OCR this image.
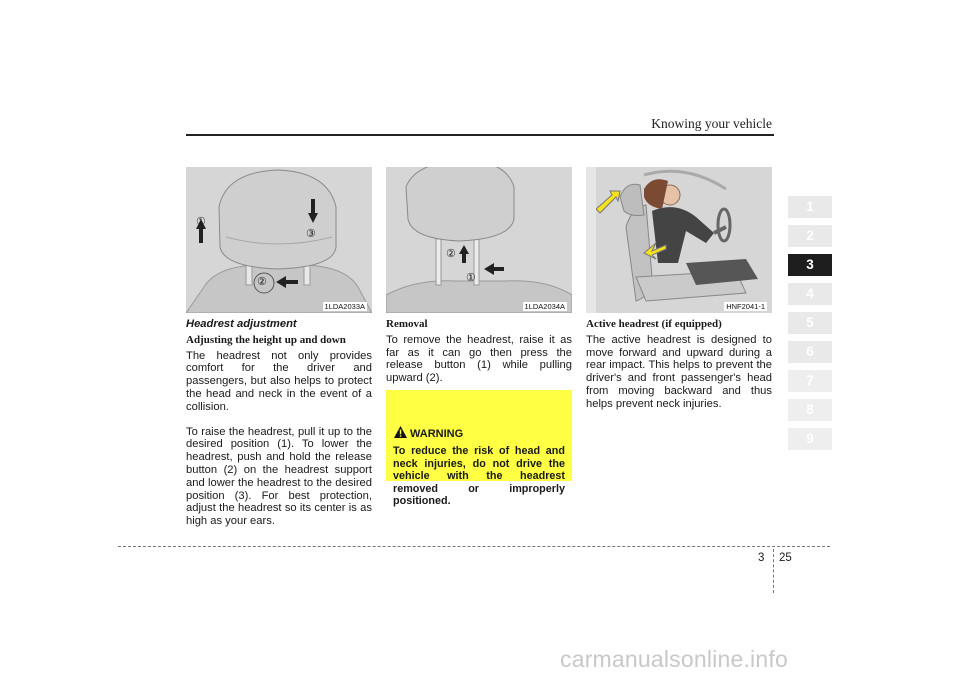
Knowing your vehicle
①
②
③
1LDA2033A
①
②
1LDA2034A	HNF2041-1
Headrest adjustment
Adjusting the height up and down

The headrest not only provides comfort for the driver and passengers, but also helps to protect the head and neck in the event of a collision.

To raise the headrest, pull it up to the desired position (1). To lower the headrest, push and hold the release button (2) on the headrest support and lower the headrest to the desired position (3). For best protection, adjust the headrest so its center is as high as your ears.

Removal

To remove the headrest, raise it as far as it can go then press the release button (1) while pulling upward (2).

WARNING
To reduce the risk of head and neck injuries, do not drive the vehicle with the headrest removed or improperly positioned.
Active headrest (if equipped)

The active headrest is designed to move forward and upward during a rear impact. This helps to prevent the driver's and front passenger's head from moving backward and thus helps prevent neck injuries.

1
2
3
4
5
6
7
8
9
3 25
carmanualsonline.info
